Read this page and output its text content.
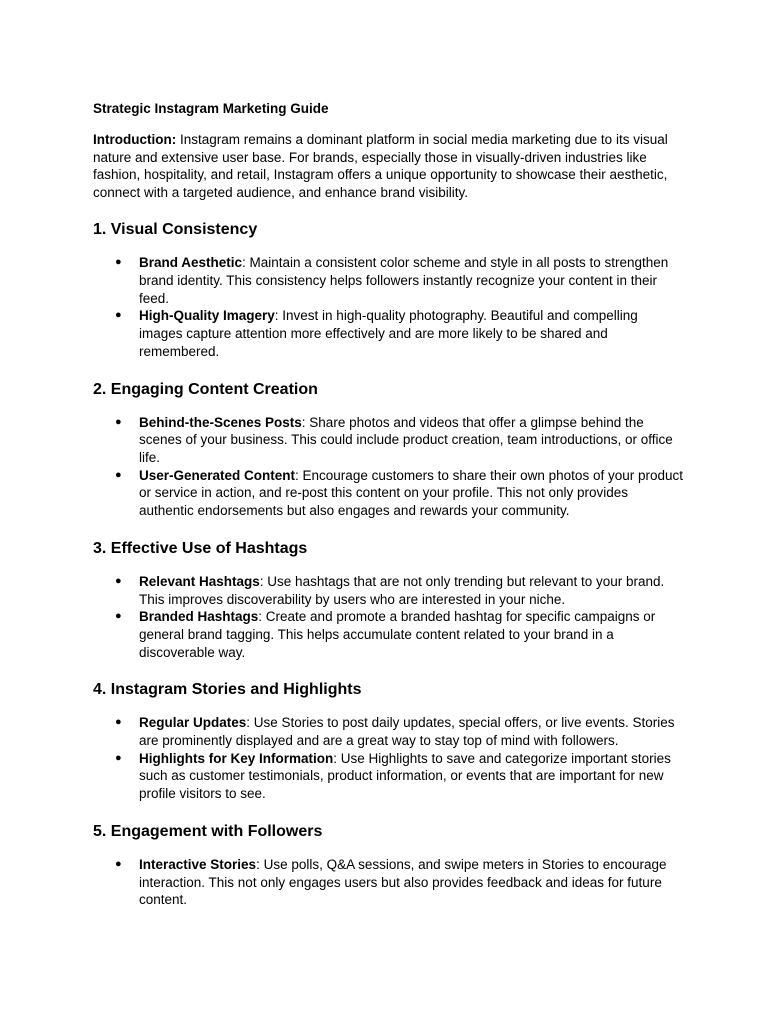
Strategic Instagram Marketing Guide

Introduction: Instagram remains a dominant platform in social media marketing due to its visual nature and extensive user base. For brands, especially those in visually-driven industries like fashion, hospitality, and retail, Instagram offers a unique opportunity to showcase their aesthetic, connect with a targeted audience, and enhance brand visibility.

1. Visual Consistency
● Brand Aesthetic: Maintain a consistent color scheme and style in all posts to strengthen brand identity. This consistency helps followers instantly recognize your content in their feed.
● High-Quality Imagery: Invest in high-quality photography. Beautiful and compelling images capture attention more effectively and are more likely to be shared and remembered.
2. Engaging Content Creation
● Behind-the-Scenes Posts: Share photos and videos that offer a glimpse behind the scenes of your business. This could include product creation, team introductions, or office life.
● User-Generated Content: Encourage customers to share their own photos of your product or service in action, and re-post this content on your profile. This not only provides authentic endorsements but also engages and rewards your community.
3. Effective Use of Hashtags
● Relevant Hashtags: Use hashtags that are not only trending but relevant to your brand. This improves discoverability by users who are interested in your niche.
● Branded Hashtags: Create and promote a branded hashtag for specific campaigns or general brand tagging. This helps accumulate content related to your brand in a discoverable way.
4. Instagram Stories and Highlights
● Regular Updates: Use Stories to post daily updates, special offers, or live events. Stories are prominently displayed and are a great way to stay top of mind with followers.
● Highlights for Key Information: Use Highlights to save and categorize important stories such as customer testimonials, product information, or events that are important for new profile visitors to see.
5. Engagement with Followers
● Interactive Stories: Use polls, Q&A sessions, and swipe meters in Stories to encourage interaction. This not only engages users but also provides feedback and ideas for future content.
